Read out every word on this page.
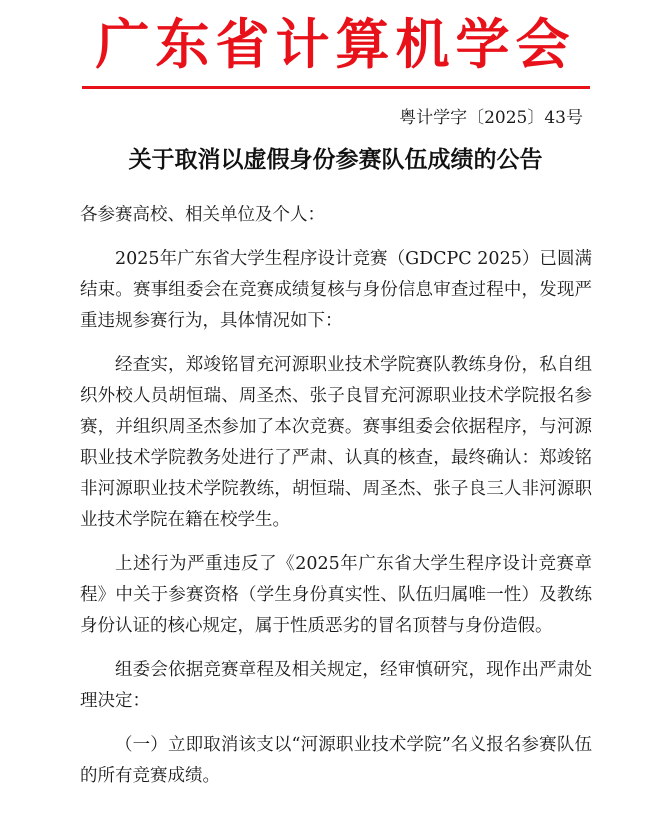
广东省计算机学会
粤计学字〔2025〕43号
关于取消以虚假身份参赛队伍成绩的公告

各参赛高校、相关单位及个人：

2025年广东省大学生程序设计竞赛（GDCPC 2025）已圆满结束。赛事组委会在竞赛成绩复核与身份信息审查过程中，发现严重违规参赛行为，具体情况如下：

经查实，郑竣铭冒充河源职业技术学院赛队教练身份，私自组织外校人员胡恒瑞、周圣杰、张子良冒充河源职业技术学院报名参赛，并组织周圣杰参加了本次竞赛。赛事组委会依据程序，与河源职业技术学院教务处进行了严肃、认真的核查，最终确认：郑竣铭非河源职业技术学院教练，胡恒瑞、周圣杰、张子良三人非河源职业技术学院在籍在校学生。

上述行为严重违反了《2025年广东省大学生程序设计竞赛章程》中关于参赛资格（学生身份真实性、队伍归属唯一性）及教练身份认证的核心规定，属于性质恶劣的冒名顶替与身份造假。

组委会依据竞赛章程及相关规定，经审慎研究，现作出严肃处理决定：

（一）立即取消该支以“河源职业技术学院”名义报名参赛队伍的所有竞赛成绩。
